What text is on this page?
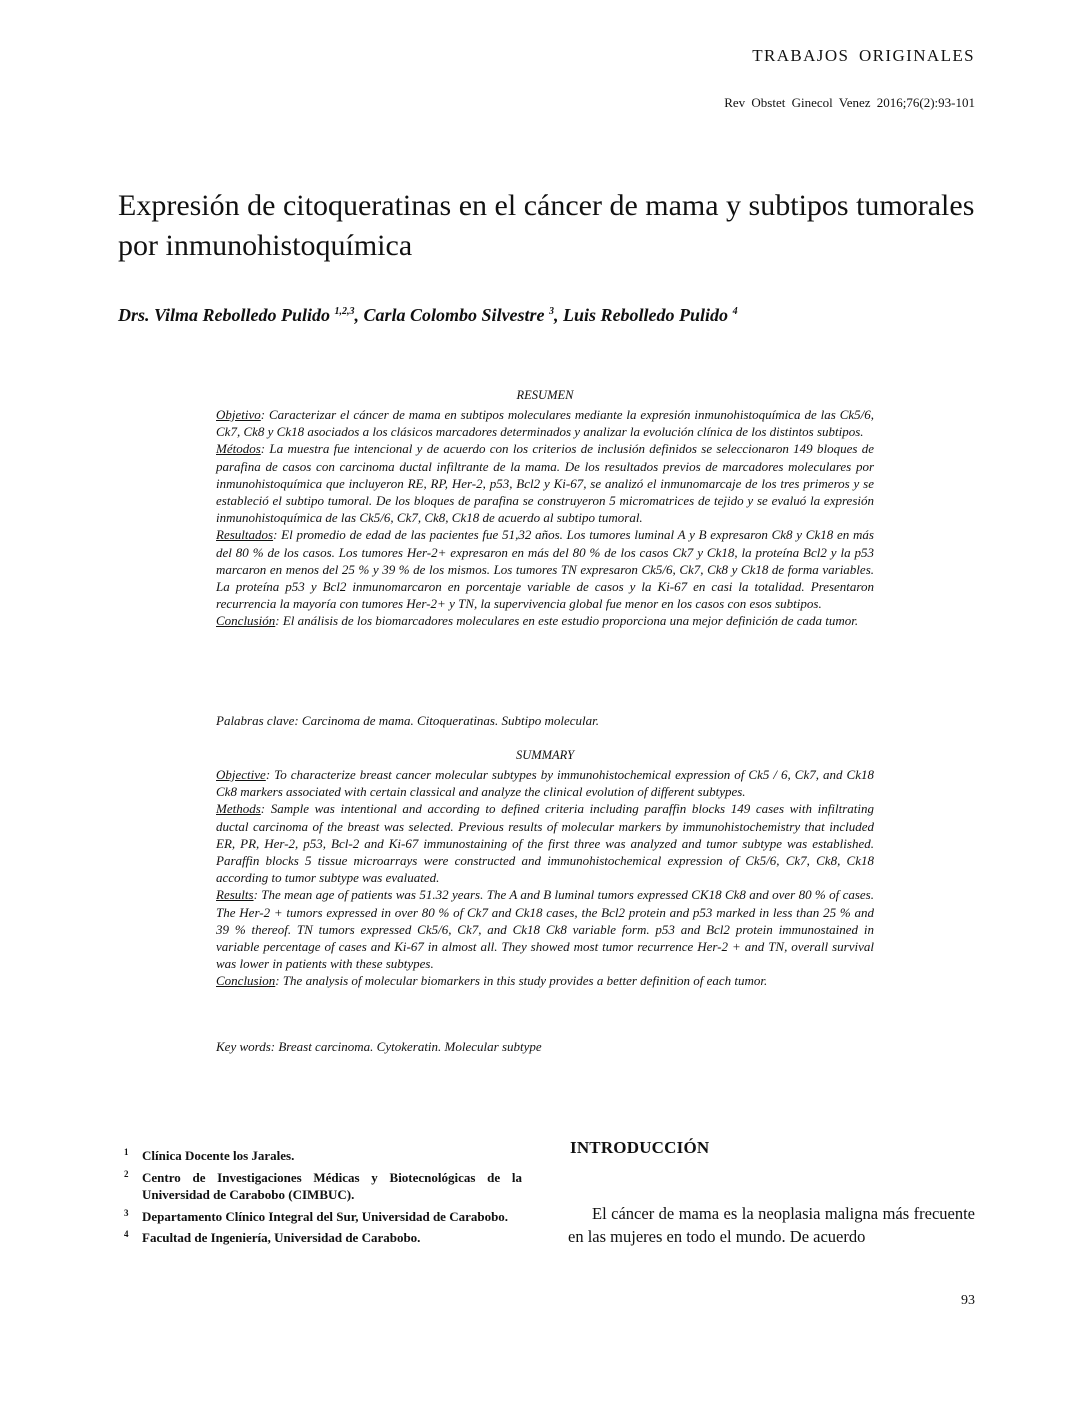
TRABAJOS ORIGINALES
Rev Obstet Ginecol Venez 2016;76(2):93-101
Expresión de citoqueratinas en el cáncer de mama y subtipos tumorales por inmunohistoquímica
Drs. Vilma Rebolledo Pulido $^{1,2,3}$, Carla Colombo Silvestre $^3$, Luis Rebolledo Pulido $^4$
RESUMEN

Objetivo: Caracterizar el cáncer de mama en subtipos moleculares mediante la expresión inmunohistoquímica de las Ck5/6, Ck7, Ck8 y Ck18 asociados a los clásicos marcadores determinados y analizar la evolución clínica de los distintos subtipos.

Métodos: La muestra fue intencional y de acuerdo con los criterios de inclusión definidos se seleccionaron 149 bloques de parafina de casos con carcinoma ductal infiltrante de la mama. De los resultados previos de marcadores moleculares por inmunohistoquímica que incluyeron RE, RP, Her-2, p53, Bcl2 y Ki-67, se analizó el inmunomarcaje de los tres primeros y se estableció el subtipo tumoral. De los bloques de parafina se construyeron 5 micromatrices de tejido y se evaluó la expresión inmunohistoquímica de las Ck5/6, Ck7, Ck8, Ck18 de acuerdo al subtipo tumoral.

Resultados: El promedio de edad de las pacientes fue 51,32 años. Los tumores luminal A y B expresaron Ck8 y Ck18 en más del 80 % de los casos. Los tumores Her-2+ expresaron en más del 80 % de los casos Ck7 y Ck18, la proteína Bcl2 y la p53 marcaron en menos del 25 % y 39 % de los mismos. Los tumores TN expresaron Ck5/6, Ck7, Ck8 y Ck18 de forma variables. La proteína p53 y Bcl2 inmunomarcaron en porcentaje variable de casos y la Ki-67 en casi la totalidad. Presentaron recurrencia la mayoría con tumores Her-2+ y TN, la supervivencia global fue menor en los casos con esos subtipos.

Conclusión: El análisis de los biomarcadores moleculares en este estudio proporciona una mejor definición de cada tumor.

Palabras clave: Carcinoma de mama. Citoqueratinas. Subtipo molecular.
SUMMARY

Objective: To characterize breast cancer molecular subtypes by immunohistochemical expression of Ck5 / 6, Ck7, and Ck18 Ck8 markers associated with certain classical and analyze the clinical evolution of different subtypes.

Methods: Sample was intentional and according to defined criteria including paraffin blocks 149 cases with infiltrating ductal carcinoma of the breast was selected. Previous results of molecular markers by immunohistochemistry that included ER, PR, Her-2, p53, Bcl-2 and Ki-67 immunostaining of the first three was analyzed and tumor subtype was established. Paraffin blocks 5 tissue microarrays were constructed and immunohistochemical expression of Ck5/6, Ck7, Ck8, Ck18 according to tumor subtype was evaluated.

Results: The mean age of patients was 51.32 years. The A and B luminal tumors expressed CK18 Ck8 and over 80 % of cases. The Her-2 + tumors expressed in over 80 % of Ck7 and Ck18 cases, the Bcl2 protein and p53 marked in less than 25 % and 39 % thereof. TN tumors expressed Ck5/6, Ck7, and Ck18 Ck8 variable form. p53 and Bcl2 protein immunostained in variable percentage of cases and Ki-67 in almost all. They showed most tumor recurrence Her-2 + and TN, overall survival was lower in patients with these subtypes.

Conclusion: The analysis of molecular biomarkers in this study provides a better definition of each tumor.

Key words: Breast carcinoma. Cytokeratin. Molecular subtype

1 Clínica Docente los Jarales.

2 Centro de Investigaciones Médicas y Biotecnológicas de la Universidad de Carabobo (CIMBUC).

3 Departamento Clínico Integral del Sur, Universidad de Carabobo.

4 Facultad de Ingeniería, Universidad de Carabobo.

INTRODUCCIÓN

El cáncer de mama es la neoplasia maligna más frecuente en las mujeres en todo el mundo. De acuerdo

93
